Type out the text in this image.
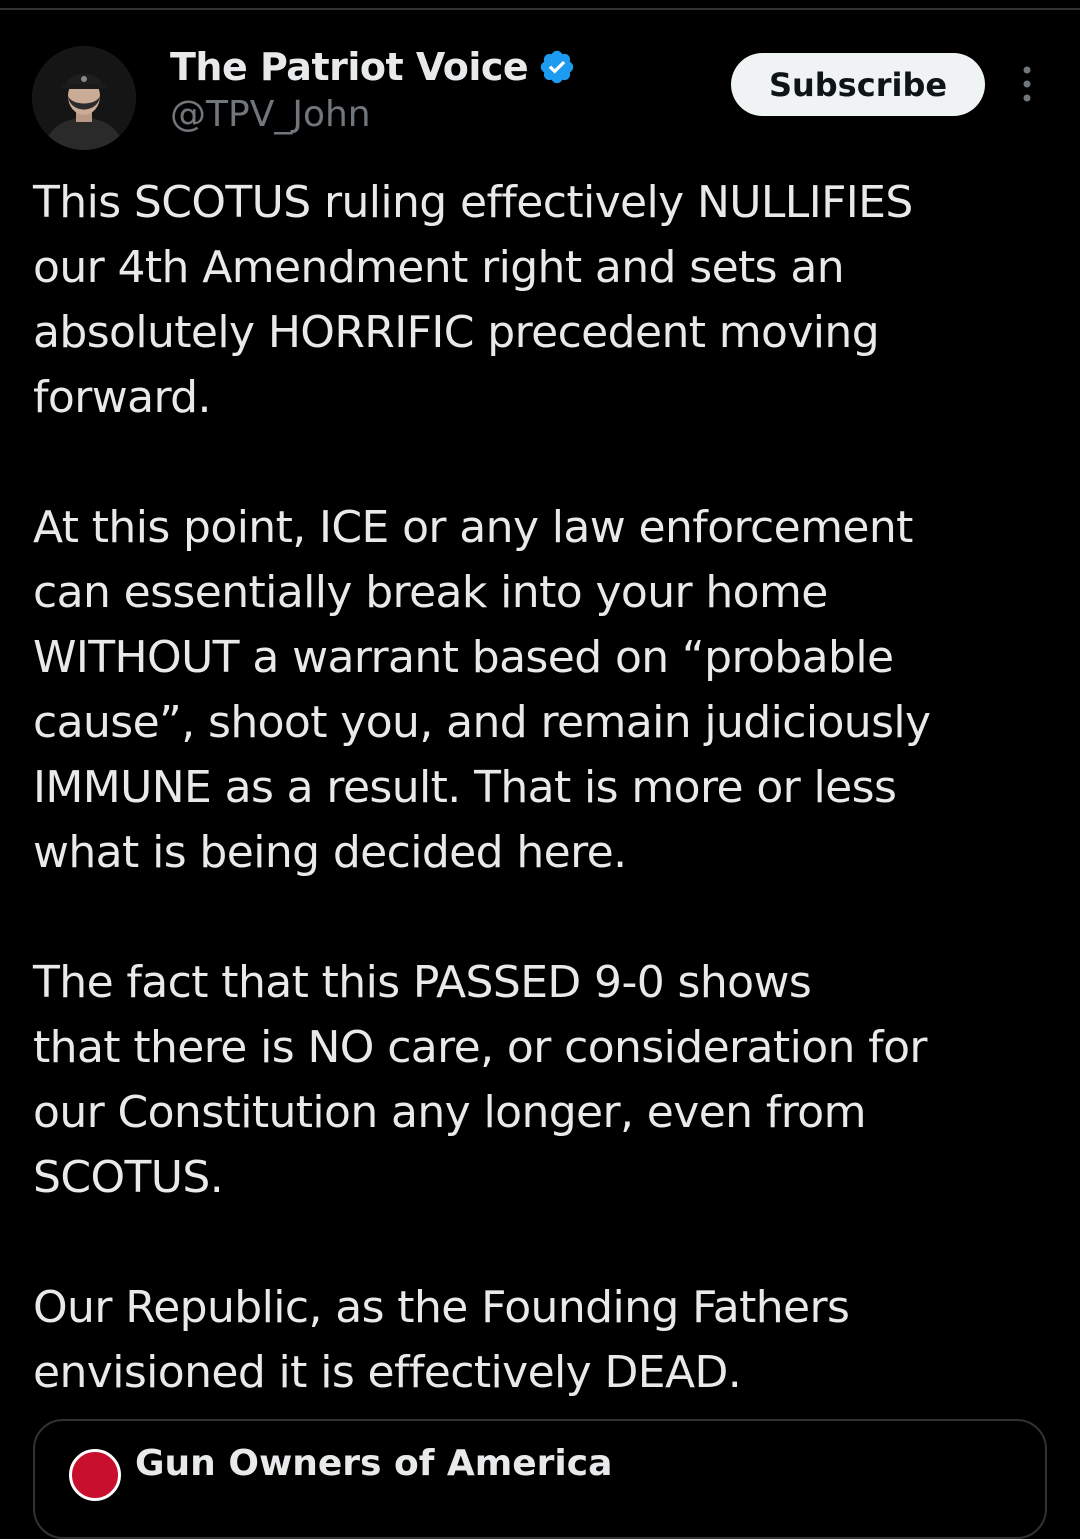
The Patriot Voice
@TPV_John
Subscribe

This SCOTUS ruling effectively NULLIFIES
our 4th Amendment right and sets an
absolutely HORRIFIC precedent moving
forward.

At this point, ICE or any law enforcement
can essentially break into your home
WITHOUT a warrant based on “probable
cause”, shoot you, and remain judiciously
IMMUNE as a result. That is more or less
what is being decided here.

The fact that this PASSED 9-0 shows
that there is NO care, or consideration for
our Constitution any longer, even from
SCOTUS.

Our Republic, as the Founding Fathers
envisioned it is effectively DEAD.

Gun Owners of America
